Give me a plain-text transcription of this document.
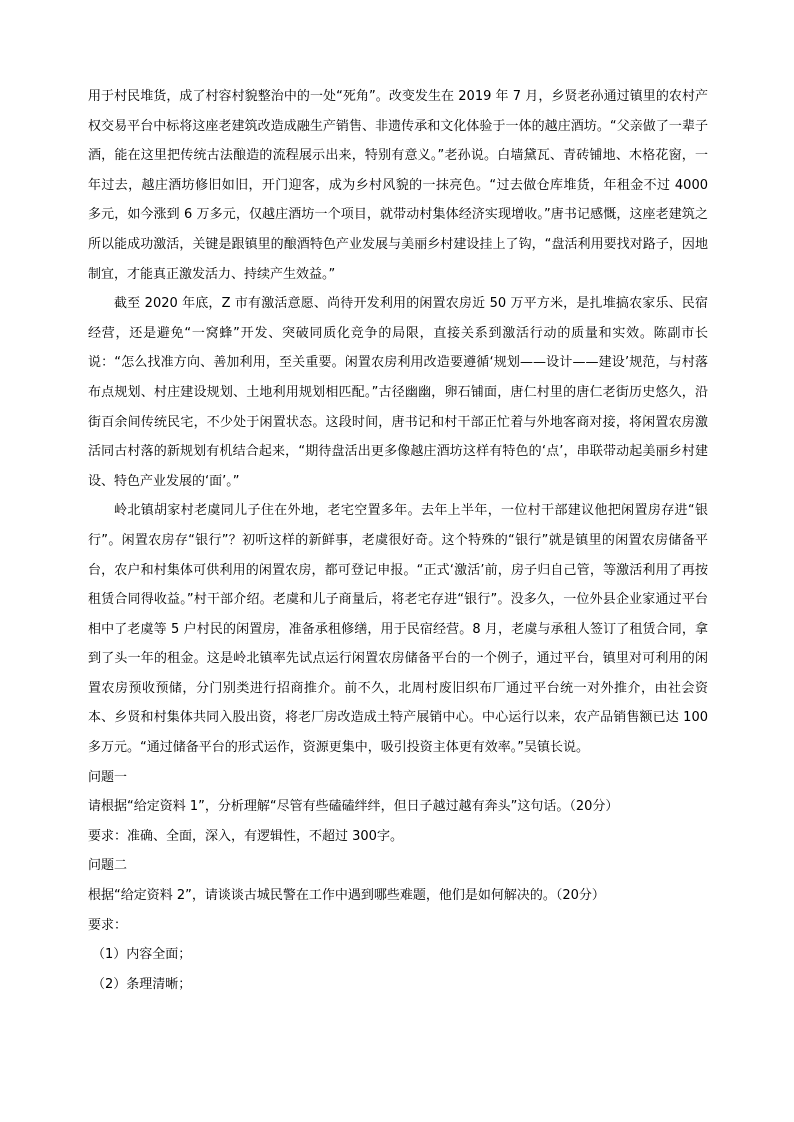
用于村民堆货，成了村容村貌整治中的一处“死角”。改变发生在 2019 年 7 月，乡贤老孙通过镇里的农村产权交易平台中标将这座老建筑改造成融生产销售、非遗传承和文化体验于一体的越庄酒坊。“父亲做了一辈子酒，能在这里把传统古法酿造的流程展示出来，特别有意义。”老孙说。白墙黛瓦、青砖铺地、木格花窗，一年过去，越庄酒坊修旧如旧，开门迎客，成为乡村风貌的一抹亮色。“过去做仓库堆货，年租金不过 4000 多元，如今涨到 6 万多元，仅越庄酒坊一个项目，就带动村集体经济实现增收。”唐书记感慨，这座老建筑之所以能成功激活，关键是跟镇里的酿酒特色产业发展与美丽乡村建设挂上了钩，“盘活利用要找对路子，因地制宜，才能真正激发活力、持续产生效益。”

截至 2020 年底，Z 市有激活意愿、尚待开发利用的闲置农房近 50 万平方米，是扎堆搞农家乐、民宿经营，还是避免“一窝蜂”开发、突破同质化竞争的局限，直接关系到激活行动的质量和实效。陈副市长说：“怎么找准方向、善加利用，至关重要。闲置农房利用改造要遵循‘规划——设计——建设’规范，与村落布点规划、村庄建设规划、土地利用规划相匹配。”古径幽幽，卵石铺面，唐仁村里的唐仁老街历史悠久，沿街百余间传统民宅，不少处于闲置状态。这段时间，唐书记和村干部正忙着与外地客商对接，将闲置农房激活同古村落的新规划有机结合起来，“期待盘活出更多像越庄酒坊这样有特色的‘点’，串联带动起美丽乡村建设、特色产业发展的‘面’。”

岭北镇胡家村老虞同儿子住在外地，老宅空置多年。去年上半年，一位村干部建议他把闲置房存进“银行”。闲置农房存“银行”？初听这样的新鲜事，老虞很好奇。这个特殊的“银行”就是镇里的闲置农房储备平台，农户和村集体可供利用的闲置农房，都可登记申报。“正式‘激活’前，房子归自己管，等激活利用了再按租赁合同得收益。”村干部介绍。老虞和儿子商量后，将老宅存进“银行”。没多久，一位外县企业家通过平台相中了老虞等 5 户村民的闲置房，准备承租修缮，用于民宿经营。8 月，老虞与承租人签订了租赁合同，拿到了头一年的租金。这是岭北镇率先试点运行闲置农房储备平台的一个例子，通过平台，镇里对可利用的闲置农房预收预储，分门别类进行招商推介。前不久，北周村废旧织布厂通过平台统一对外推介，由社会资本、乡贤和村集体共同入股出资，将老厂房改造成土特产展销中心。中心运行以来，农产品销售额已达 100 多万元。“通过储备平台的形式运作，资源更集中，吸引投资主体更有效率。”吴镇长说。

问题一

请根据“给定资料 1”，分析理解“尽管有些磕磕绊绊，但日子越过越有奔头”这句话。（20分）

要求：准确、全面，深入，有逻辑性，不超过 300字。

问题二

根据“给定资料 2”，请谈谈古城民警在工作中遇到哪些难题，他们是如何解决的。（20分）

要求：

（1）内容全面；

（2）条理清晰；
